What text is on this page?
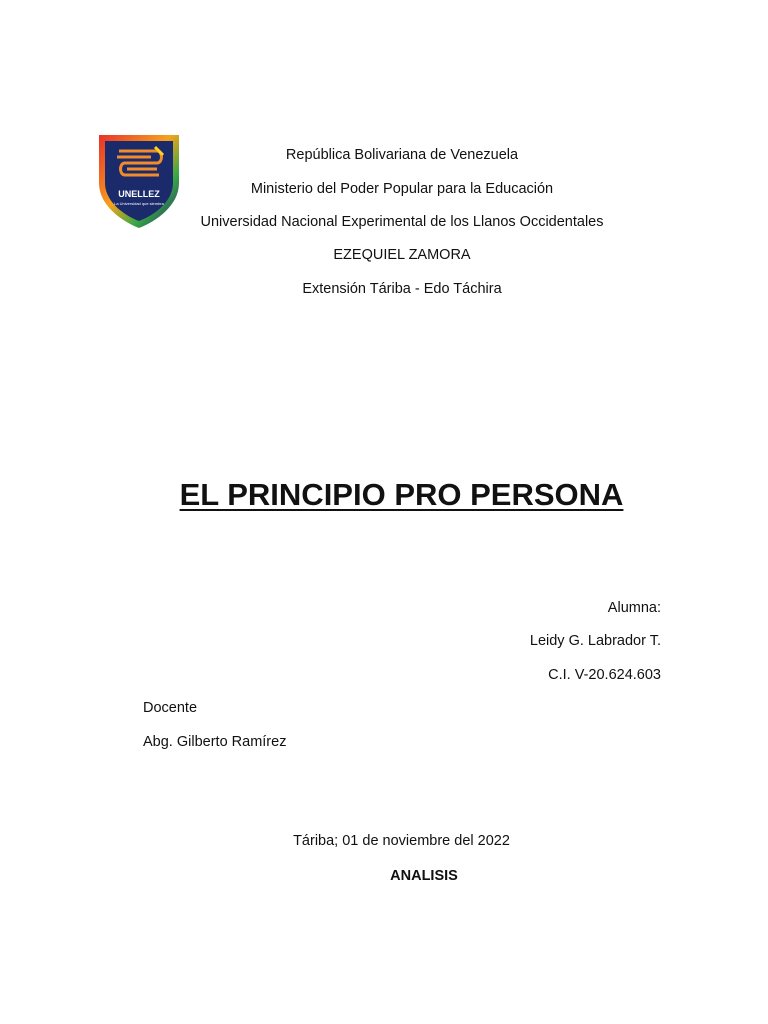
UNELLEZ
La Universidad que siembra
República Bolivariana de Venezuela
Ministerio del Poder Popular para la Educación
Universidad Nacional Experimental de los Llanos Occidentales
EZEQUIEL ZAMORA
Extensión Táriba - Edo Táchira
EL PRINCIPIO PRO PERSONA
Alumna:
Leidy G. Labrador T.
C.I. V-20.624.603
Docente
Abg. Gilberto Ramírez
Táriba; 01 de noviembre del 2022
ANALISIS
